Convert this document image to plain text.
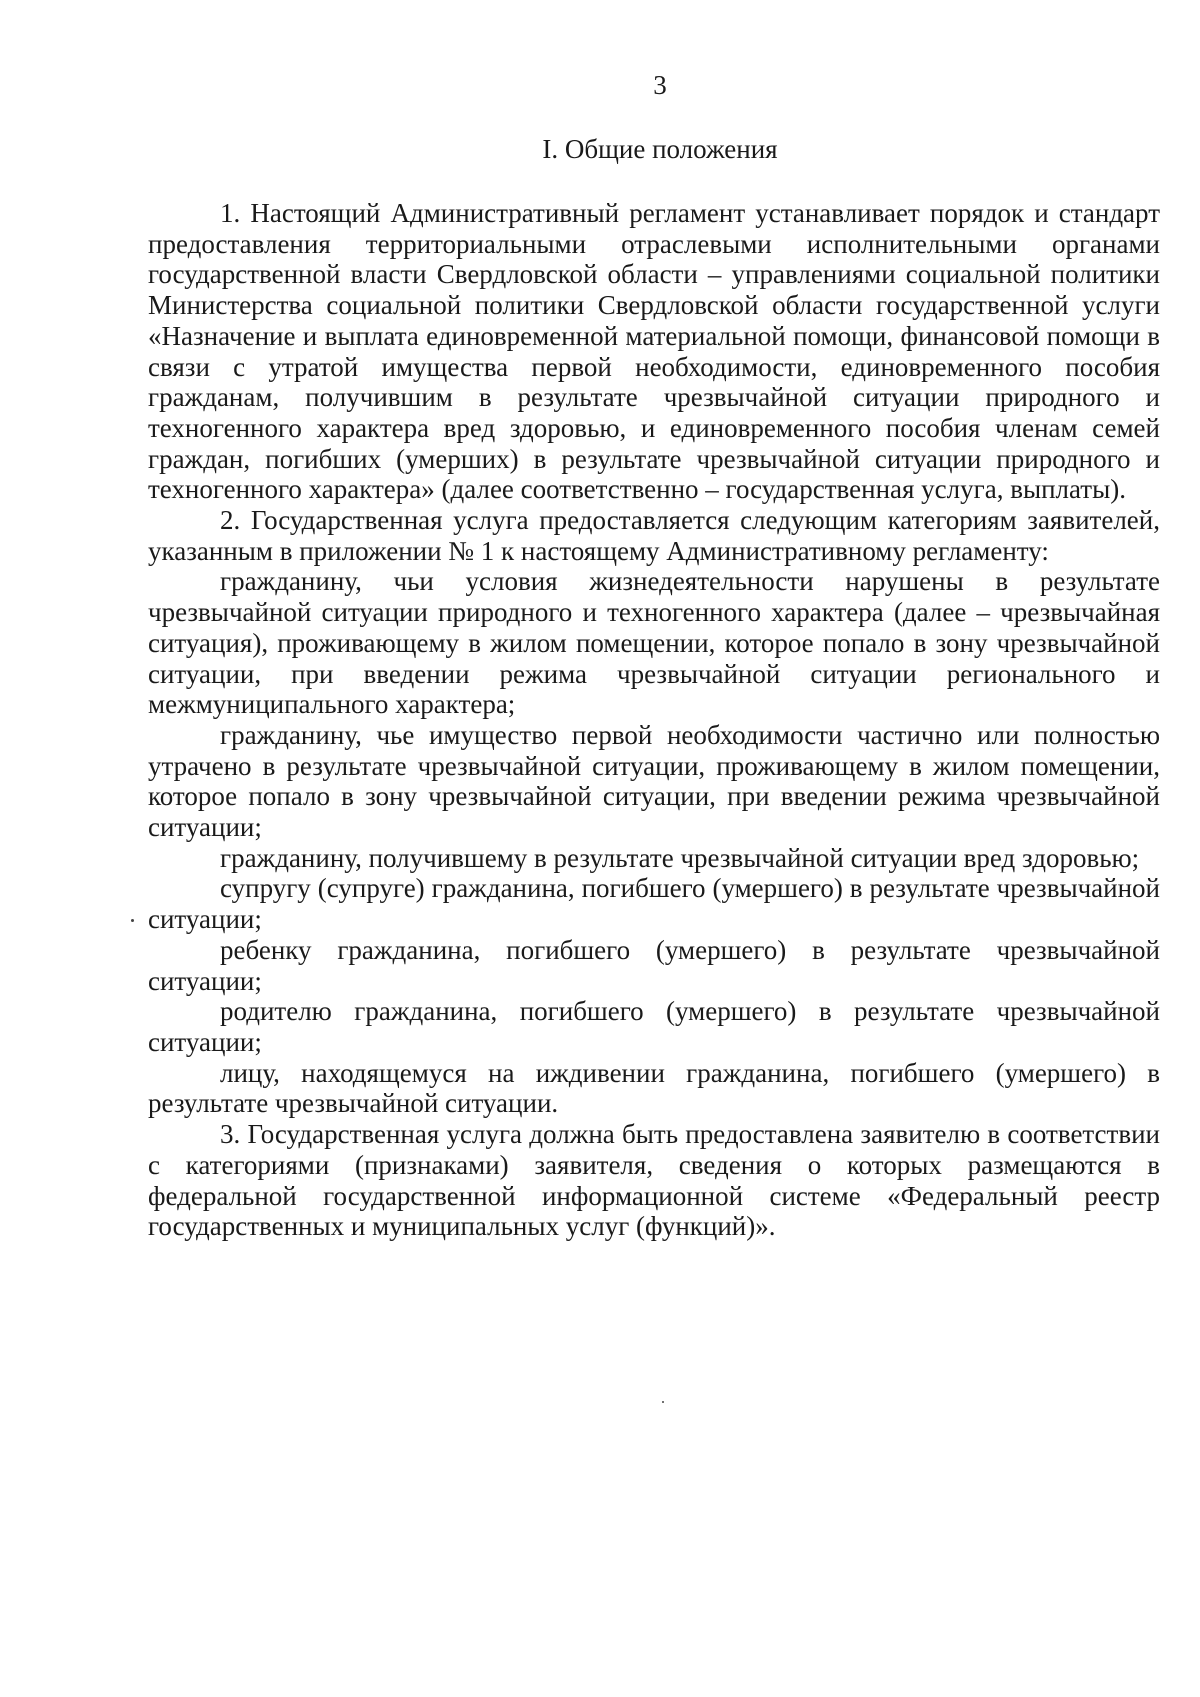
3
I. Общие положения

1. Настоящий Административный регламент устанавливает порядок и стандарт предоставления территориальными отраслевыми исполнительными органами государственной власти Свердловской области – управлениями социальной политики Министерства социальной политики Свердловской области государственной услуги «Назначение и выплата единовременной материальной помощи, финансовой помощи в связи с утратой имущества первой необходимости, единовременного пособия гражданам, получившим в результате чрезвычайной ситуации природного и техногенного характера вред здоровью, и единовременного пособия членам семей граждан, погибших (умерших) в результате чрезвычайной ситуации природного и техногенного характера» (далее соответственно – государственная услуга, выплаты).

2. Государственная услуга предоставляется следующим категориям заявителей, указанным в приложении № 1 к настоящему Административному регламенту:

гражданину, чьи условия жизнедеятельности нарушены в результате чрезвычайной ситуации природного и техногенного характера (далее – чрезвычайная ситуация), проживающему в жилом помещении, которое попало в зону чрезвычайной ситуации, при введении режима чрезвычайной ситуации регионального и межмуниципального характера;

гражданину, чье имущество первой необходимости частично или полностью утрачено в результате чрезвычайной ситуации, проживающему в жилом помещении, которое попало в зону чрезвычайной ситуации, при введении режима чрезвычайной ситуации;

гражданину, получившему в результате чрезвычайной ситуации вред здоровью;

супругу (супруге) гражданина, погибшего (умершего) в результате чрезвычайной ситуации;

ребенку гражданина, погибшего (умершего) в результате чрезвычайной ситуации;

родителю гражданина, погибшего (умершего) в результате чрезвычайной ситуации;

лицу, находящемуся на иждивении гражданина, погибшего (умершего) в результате чрезвычайной ситуации.

3. Государственная услуга должна быть предоставлена заявителю в соответствии с категориями (признаками) заявителя, сведения о которых размещаются в федеральной государственной информационной системе «Федеральный реестр государственных и муниципальных услуг (функций)».
